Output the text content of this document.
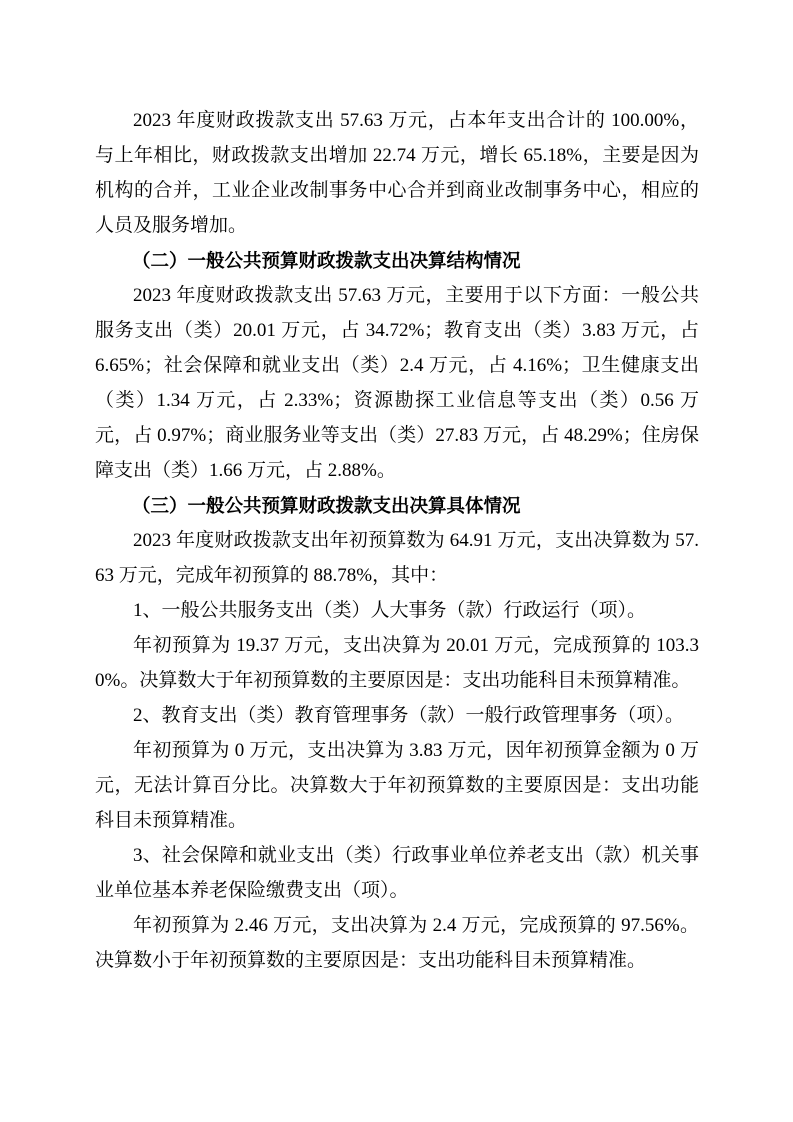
2023 年度财政拨款支出 57.63 万元，占本年支出合计的 100.00%，与上年相比，财政拨款支出增加 22.74 万元，增长 65.18%，主要是因为机构的合并，工业企业改制事务中心合并到商业改制事务中心，相应的人员及服务增加。

（二）一般公共预算财政拨款支出决算结构情况

2023 年度财政拨款支出 57.63 万元，主要用于以下方面：一般公共服务支出（类）20.01 万元，占 34.72%；教育支出（类）3.83 万元，占 6.65%；社会保障和就业支出（类）2.4 万元，占 4.16%；卫生健康支出（类）1.34 万元，占 2.33%；资源勘探工业信息等支出（类）0.56 万元，占 0.97%；商业服务业等支出（类）27.83 万元，占 48.29%；住房保障支出（类）1.66 万元，占 2.88%。

（三）一般公共预算财政拨款支出决算具体情况

2023 年度财政拨款支出年初预算数为 64.91 万元，支出决算数为 57.63 万元，完成年初预算的 88.78%，其中：

1、一般公共服务支出（类）人大事务（款）行政运行（项）。

年初预算为 19.37 万元，支出决算为 20.01 万元，完成预算的 103.30%。决算数大于年初预算数的主要原因是：支出功能科目未预算精准。

2、教育支出（类）教育管理事务（款）一般行政管理事务（项）。

年初预算为 0 万元，支出决算为 3.83 万元，因年初预算金额为 0 万元，无法计算百分比。决算数大于年初预算数的主要原因是：支出功能科目未预算精准。

3、社会保障和就业支出（类）行政事业单位养老支出（款）机关事业单位基本养老保险缴费支出（项）。

年初预算为 2.46 万元，支出决算为 2.4 万元，完成预算的 97.56%。决算数小于年初预算数的主要原因是：支出功能科目未预算精准。
